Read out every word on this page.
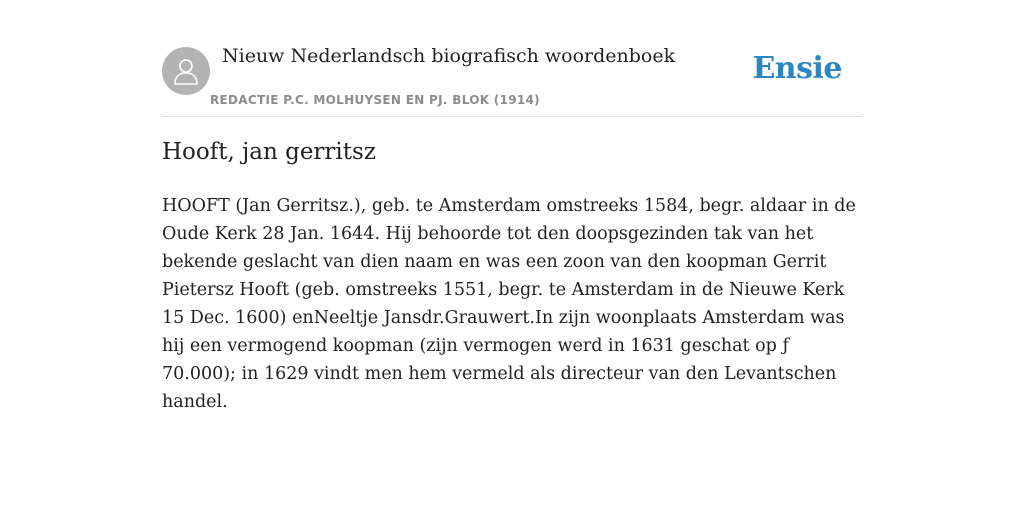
Nieuw Nederlandsch biografisch woordenboek
REDACTIE P.C. MOLHUYSEN EN PJ. BLOK (1914)
Ensie
Hooft, jan gerritsz

HOOFT (Jan Gerritsz.), geb. te Amsterdam omstreeks 1584, begr. aldaar in de Oude Kerk 28 Jan. 1644. Hij behoorde tot den doopsgezinden tak van het bekende geslacht van dien naam en was een zoon van den koopman Gerrit Pietersz Hooft (geb. omstreeks 1551, begr. te Amsterdam in de Nieuwe Kerk 15 Dec. 1600) enNeeltje Jansdr.Grauwert.In zijn woonplaats Amsterdam was hij een vermogend koopman (zijn vermogen werd in 1631 geschat op ƒ 70.000); in 1629 vindt men hem vermeld als directeur van den Levantschen handel.
